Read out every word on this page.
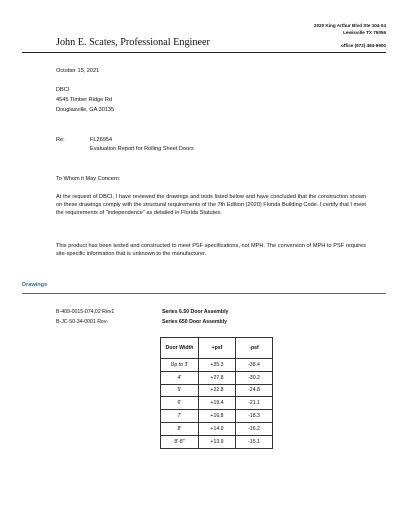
2020 King Arthur Blvd Ste 104-04
Lewisville TX 75056
office (972) 484-9900
John E. Scates, Professional Engineer
October 15, 2021
DBCI
4545 Timber Ridge Rd
Douglasville, GA 30135
Re:	FL26954
Evaluation Report for Rolling Sheet Doors
To Whom it May Concern:
At the request of DBCI, I have reviewed the drawings and tests listed below and have concluded that the construction shown on these drawings comply with the structural requirements of the 7th Edition (2020) Florida Building Code. I certify that I meet the requirements of "independence" as detailed in Florida Statutes.
This product has been tested and constructed to meet PSF specifications, not MPH. The conversion of MPH to PSF requires site-specific information that is unknown to the manufacturer.
Drawings
B-409-0015-074,02 Rev1	Series 6.50 Door Assembly
B-JC-50-34-0001 Rev-	Series 650 Door Assembly
Door Width	+psf	-psf
Up to 3'	+35.3	-38.4
4'	+27.8	-30.2
5'	+22.8	-24.8
6'	+19.4	-21.1
7'	+16.8	-18.3
8'	+14.9	-16.2
8'-8"	+13.9	-15.1
